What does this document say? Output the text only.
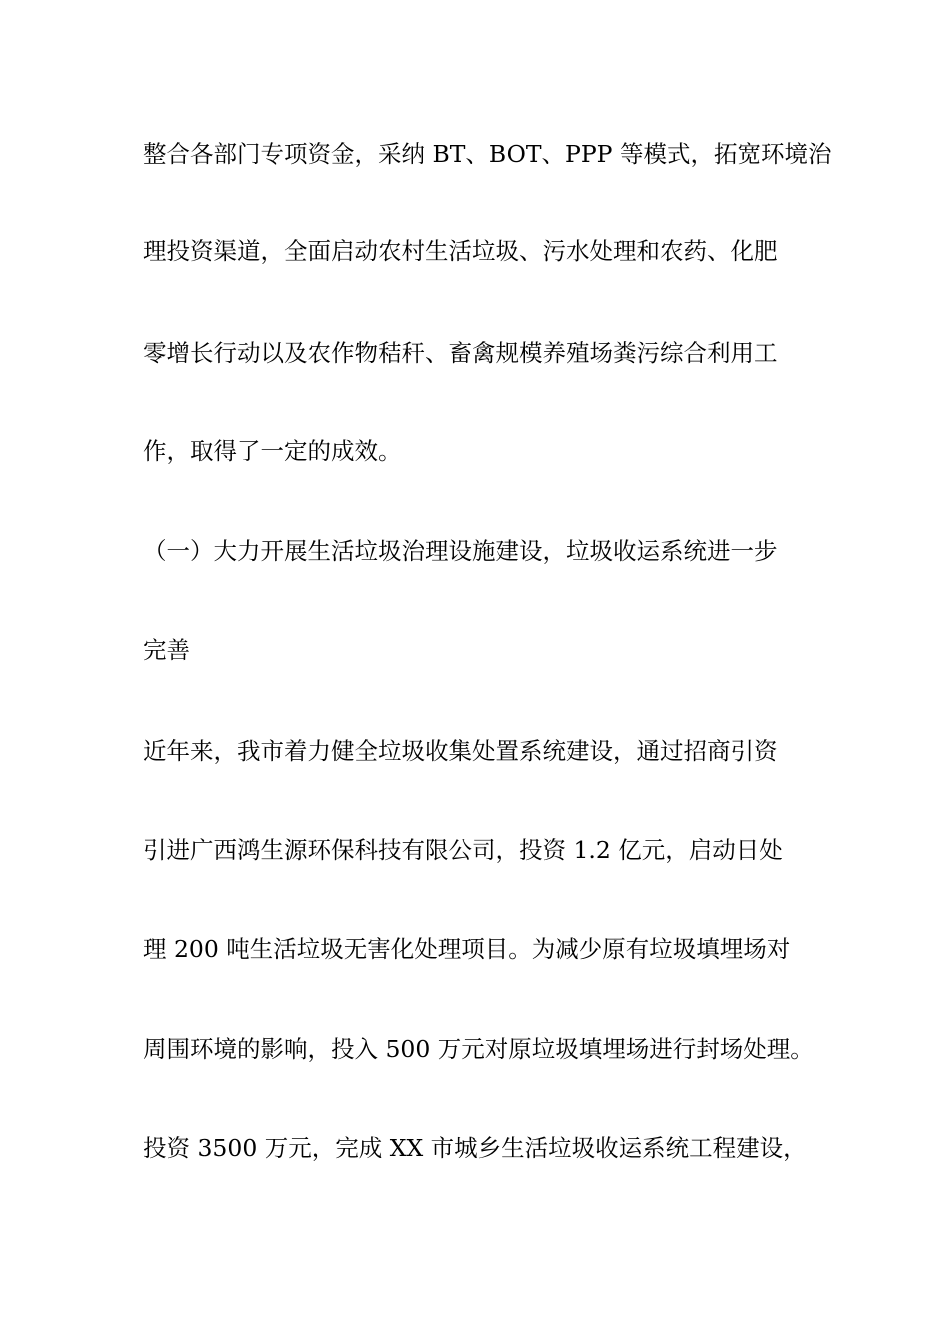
整合各部门专项资金，采纳 BT、BOT、PPP 等模式，拓宽环境治

理投资渠道，全面启动农村生活垃圾、污水处理和农药、化肥

零增长行动以及农作物秸秆、畜禽规模养殖场粪污综合利用工

作，取得了一定的成效。

（一）大力开展生活垃圾治理设施建设，垃圾收运系统进一步

完善

近年来，我市着力健全垃圾收集处置系统建设，通过招商引资

引进广西鸿生源环保科技有限公司，投资 1.2 亿元，启动日处

理 200 吨生活垃圾无害化处理项目。为减少原有垃圾填埋场对

周围环境的影响，投入 500 万元对原垃圾填埋场进行封场处理。

投资 3500 万元，完成 XX 市城乡生活垃圾收运系统工程建设，
